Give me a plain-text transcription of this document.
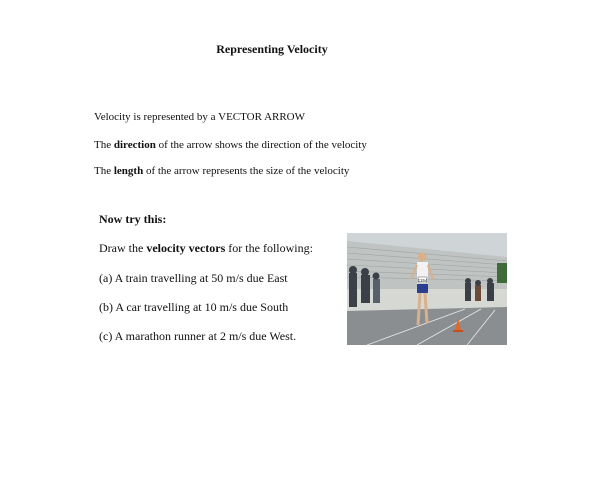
Representing Velocity
Velocity is represented by a VECTOR ARROW
The direction of the arrow shows the direction of the velocity
The length of the arrow represents the size of the velocity
Now try this:
Draw the velocity vectors for the following:
(a) A train travelling at 50 m/s due East
(b) A car travelling at 10 m/s due South
(c) A marathon runner at 2 m/s due West.
1154
